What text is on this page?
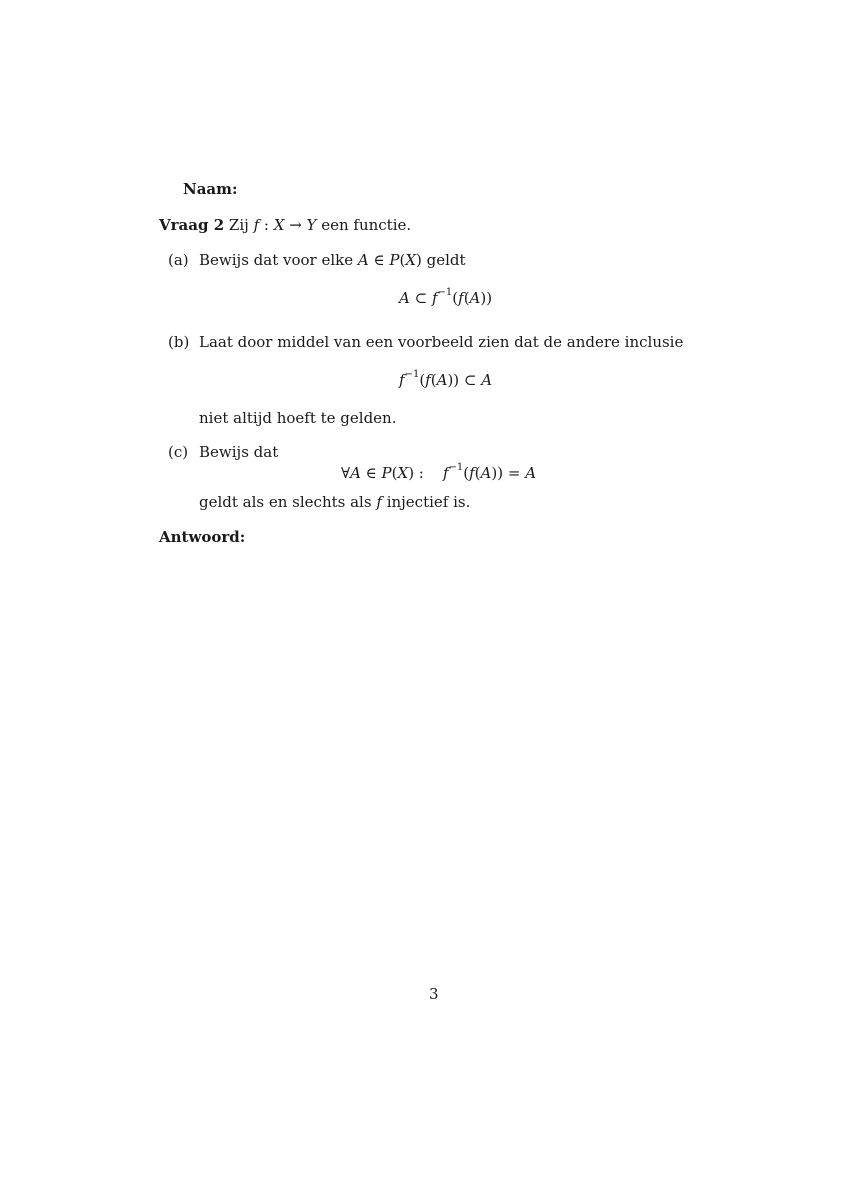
Naam:
Vraag 2 Zij f : X → Y een functie.
(a) Bewijs dat voor elke A ∈ P(X) geldt
A ⊂ $f^{-1}(f(A))$
(b) Laat door middel van een voorbeeld zien dat de andere inclusie
$f^{-1}(f(A))$ ⊂ A
niet altijd hoeft te gelden.
(c) Bewijs dat
∀A ∈ P(X) :    $f^{-1}(f(A)) = A$
geldt als en slechts als f injectief is.
Antwoord:
3
